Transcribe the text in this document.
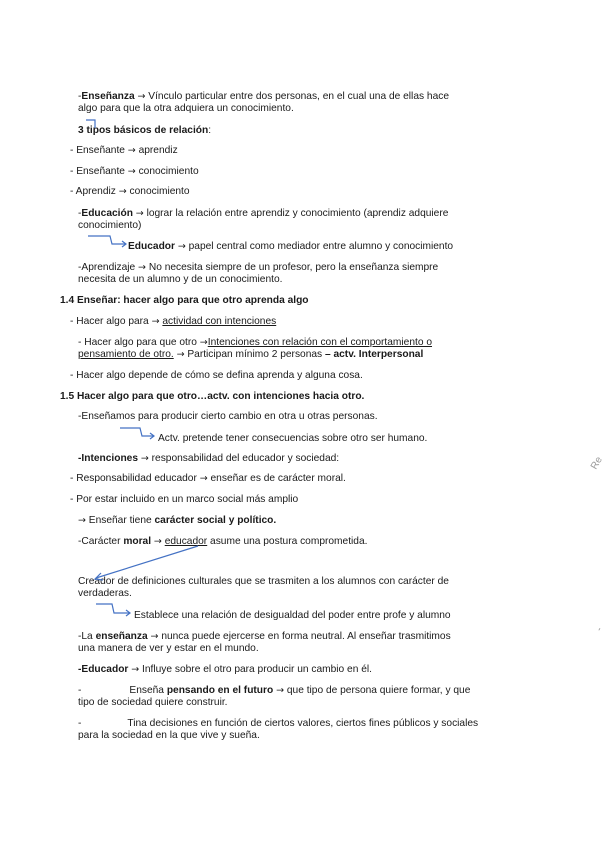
-Enseñanza → Vínculo particular entre dos personas, en el cual una de ellas hace
algo para que la otra adquiera un conocimiento.
3 tipos básicos de relación:
- Enseñante → aprendiz
- Enseñante → conocimiento
- Aprendiz → conocimiento
-Educación → lograr la relación entre aprendiz y conocimiento (aprendiz adquiere
conocimiento)
Educador → papel central como mediador entre alumno y conocimiento
-Aprendizaje → No necesita siempre de un profesor, pero la enseñanza siempre
necesita de un alumno y de un conocimiento.
1.4 Enseñar: hacer algo para que otro aprenda algo
- Hacer algo para → actividad con intenciones
- Hacer algo para que otro →Intenciones con relación con el comportamiento o
pensamiento de otro. → Participan mínimo 2 personas – actv. Interpersonal
- Hacer algo depende de cómo se defina aprenda y alguna cosa.
1.5 Hacer algo para que otro…actv. con intenciones hacia otro.
-Enseñamos para producir cierto cambio en otra u otras personas.
Actv. pretende tener consecuencias sobre otro ser humano.
-Intenciones → responsabilidad del educador y sociedad:
- Responsabilidad educador → enseñar es de carácter moral.
- Por estar incluido en un marco social más amplio
→ Enseñar tiene carácter social y político.
-Carácter moral → educador asume una postura comprometida.
Creador de definiciones culturales que se trasmiten a los alumnos con carácter de
verdaderas.
Establece una relación de desigualdad del poder entre profe y alumno
-La enseñanza → nunca puede ejercerse en forma neutral. Al enseñar trasmitimos
una manera de ver y estar en el mundo.
-Educador → Influye sobre el otro para producir un cambio en él.
-	Enseña pensando en el futuro → que tipo de persona quiere formar, y que
tipo de sociedad quiere construir.
-	Tina decisiones en función de ciertos valores, ciertos fines públicos y sociales
para la sociedad en la que vive y sueña.
Re
-
